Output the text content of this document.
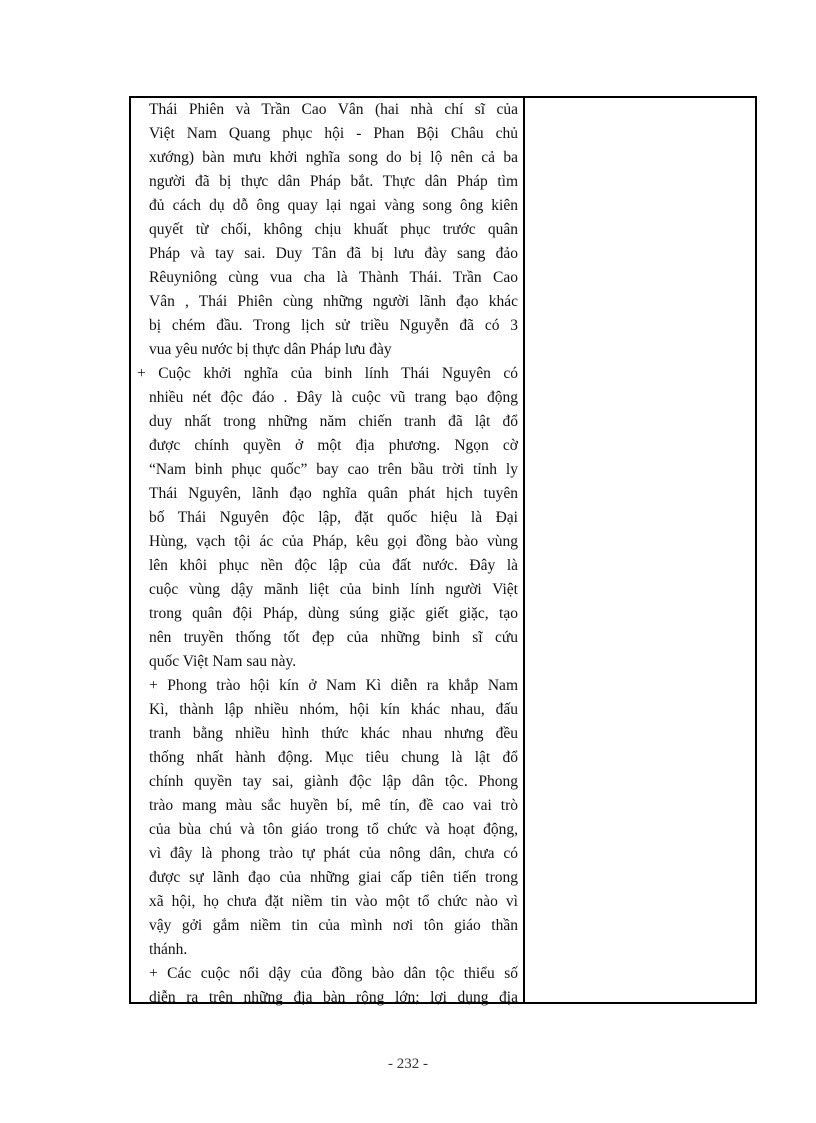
Thái Phiên và Trần Cao Vân (hai nhà chí sĩ của
Việt Nam Quang phục hội - Phan Bội Châu chủ
xướng) bàn mưu khởi nghĩa song do bị lộ nên cả ba
người đã bị thực dân Pháp bắt. Thực dân Pháp tìm
đủ cách dụ dỗ ông quay lại ngai vàng song ông kiên
quyết từ chối, không chịu khuất phục trước quân
Pháp và tay sai. Duy Tân đã bị lưu đày sang đảo
Rêuyniông cùng vua cha là Thành Thái. Trần Cao
Vân , Thái Phiên cùng những người lãnh đạo khác
bị chém đầu. Trong lịch sử triều Nguyễn đã có 3
vua yêu nước bị thực dân Pháp lưu đày
+ Cuộc khởi nghĩa của binh lính Thái Nguyên có
nhiều nét độc đáo . Đây là cuộc vũ trang bạo động
duy nhất trong những năm chiến tranh đã lật đổ
được chính quyền ở một địa phương. Ngọn cờ
“Nam binh phục quốc” bay cao trên bầu trời tỉnh ly
Thái Nguyên, lãnh đạo nghĩa quân phát hịch tuyên
bố Thái Nguyên độc lập, đặt quốc hiệu là Đại
Hùng, vạch tội ác của Pháp, kêu gọi đồng bào vùng
lên khôi phục nền độc lập của đất nước. Đây là
cuộc vùng dậy mãnh liệt của binh lính người Việt
trong quân đội Pháp, dùng súng giặc giết giặc, tạo
nên truyền thống tốt đẹp của những binh sĩ cứu
quốc Việt Nam sau này.
+ Phong trào hội kín ở Nam Kì diễn ra khắp Nam
Kì, thành lập nhiều nhóm, hội kín khác nhau, đấu
tranh bằng nhiều hình thức khác nhau nhưng đều
thống nhất hành động. Mục tiêu chung là lật đổ
chính quyền tay sai, giành độc lập dân tộc. Phong
trào mang màu sắc huyền bí, mê tín, đề cao vai trò
của bùa chú và tôn giáo trong tổ chức và hoạt động,
vì đây là phong trào tự phát của nông dân, chưa có
được sự lãnh đạo của những giai cấp tiên tiến trong
xã hội, họ chưa đặt niềm tin vào một tổ chức nào vì
vậy gởi gắm niềm tin của mình nơi tôn giáo thần
thánh.
+ Các cuộc nổi dậy của đồng bào dân tộc thiểu số
diễn ra trên những địa bàn rộng lớn; lợi dụng địa
- 232 -
